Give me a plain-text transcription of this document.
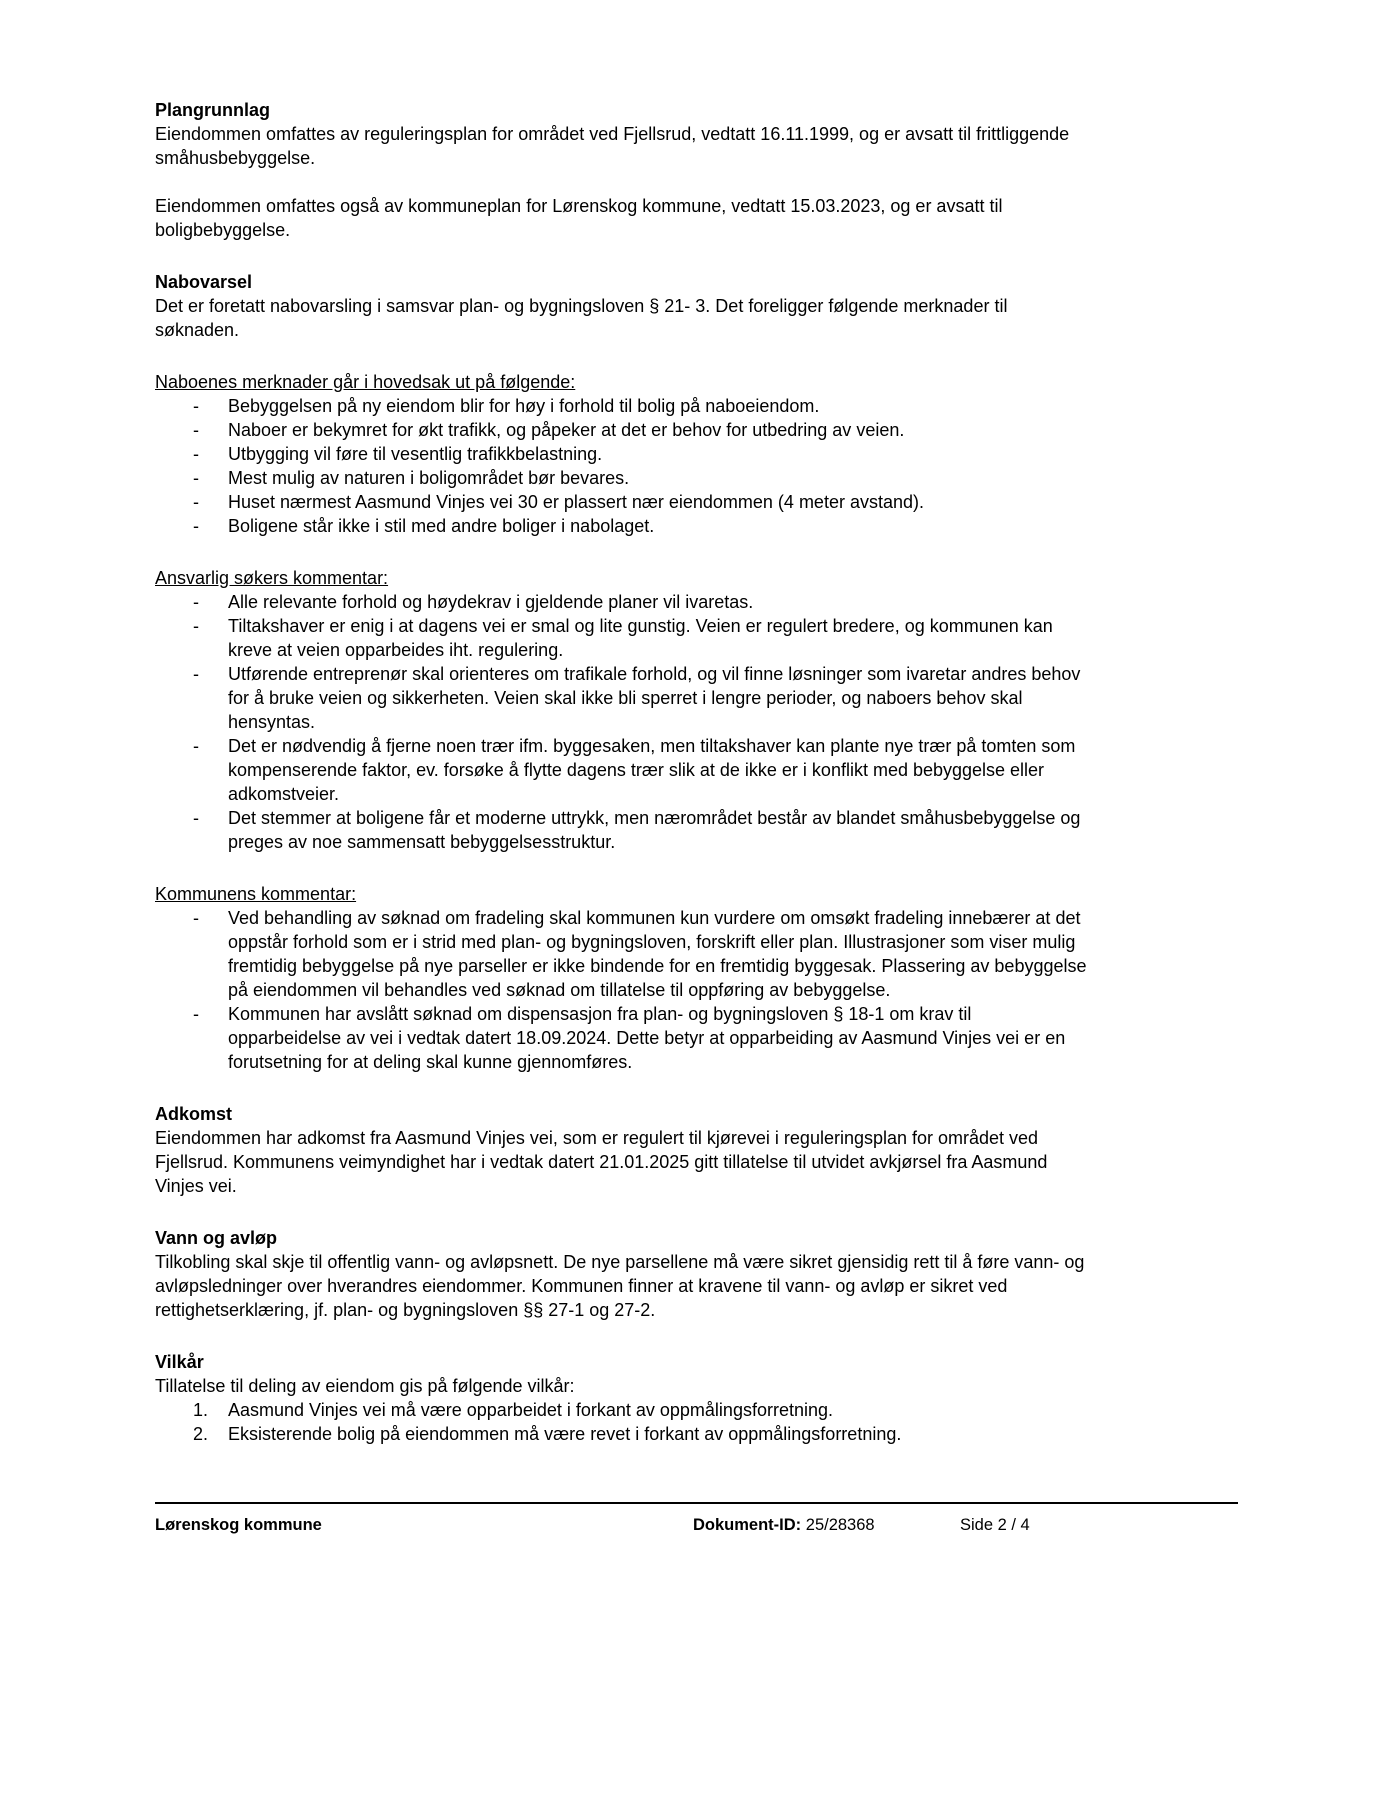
Plangrunnlag

Eiendommen omfattes av reguleringsplan for området ved Fjellsrud, vedtatt 16.11.1999, og er avsatt til frittliggende småhusbebyggelse.

Eiendommen omfattes også av kommuneplan for Lørenskog kommune, vedtatt 15.03.2023, og er avsatt til boligbebyggelse.

Nabovarsel

Det er foretatt nabovarsling i samsvar plan- og bygningsloven § 21- 3. Det foreligger følgende merknader til søknaden.

Naboenes merknader går i hovedsak ut på følgende:
- Bebyggelsen på ny eiendom blir for høy i forhold til bolig på naboeiendom.
- Naboer er bekymret for økt trafikk, og påpeker at det er behov for utbedring av veien.
- Utbygging vil føre til vesentlig trafikkbelastning.
- Mest mulig av naturen i boligområdet bør bevares.
- Huset nærmest Aasmund Vinjes vei 30 er plassert nær eiendommen (4 meter avstand).
- Boligene står ikke i stil med andre boliger i nabolaget.
Ansvarlig søkers kommentar:
- Alle relevante forhold og høydekrav i gjeldende planer vil ivaretas.
- Tiltakshaver er enig i at dagens vei er smal og lite gunstig. Veien er regulert bredere, og kommunen kan kreve at veien opparbeides iht. regulering.
- Utførende entreprenør skal orienteres om trafikale forhold, og vil finne løsninger som ivaretar andres behov for å bruke veien og sikkerheten. Veien skal ikke bli sperret i lengre perioder, og naboers behov skal hensyntas.
- Det er nødvendig å fjerne noen trær ifm. byggesaken, men tiltakshaver kan plante nye trær på tomten som kompenserende faktor, ev. forsøke å flytte dagens trær slik at de ikke er i konflikt med bebyggelse eller adkomstveier.
- Det stemmer at boligene får et moderne uttrykk, men nærområdet består av blandet småhusbebyggelse og preges av noe sammensatt bebyggelsesstruktur.
Kommunens kommentar:
- Ved behandling av søknad om fradeling skal kommunen kun vurdere om omsøkt fradeling innebærer at det oppstår forhold som er i strid med plan- og bygningsloven, forskrift eller plan. Illustrasjoner som viser mulig fremtidig bebyggelse på nye parseller er ikke bindende for en fremtidig byggesak. Plassering av bebyggelse på eiendommen vil behandles ved søknad om tillatelse til oppføring av bebyggelse.
- Kommunen har avslått søknad om dispensasjon fra plan- og bygningsloven § 18-1 om krav til opparbeidelse av vei i vedtak datert 18.09.2024. Dette betyr at opparbeiding av Aasmund Vinjes vei er en forutsetning for at deling skal kunne gjennomføres.
Adkomst

Eiendommen har adkomst fra Aasmund Vinjes vei, som er regulert til kjørevei i reguleringsplan for området ved Fjellsrud. Kommunens veimyndighet har i vedtak datert 21.01.2025 gitt tillatelse til utvidet avkjørsel fra Aasmund Vinjes vei.

Vann og avløp

Tilkobling skal skje til offentlig vann- og avløpsnett. De nye parsellene må være sikret gjensidig rett til å føre vann- og avløpsledninger over hverandres eiendommer. Kommunen finner at kravene til vann- og avløp er sikret ved rettighetserklæring, jf. plan- og bygningsloven §§ 27-1 og 27-2.

Vilkår

Tillatelse til deling av eiendom gis på følgende vilkår:

Aasmund Vinjes vei må være opparbeidet i forkant av oppmålingsforretning.
Eksisterende bolig på eiendommen må være revet i forkant av oppmålingsforretning.
Lørenskog kommune	Dokument-ID: 25/28368	Side 2 / 4
